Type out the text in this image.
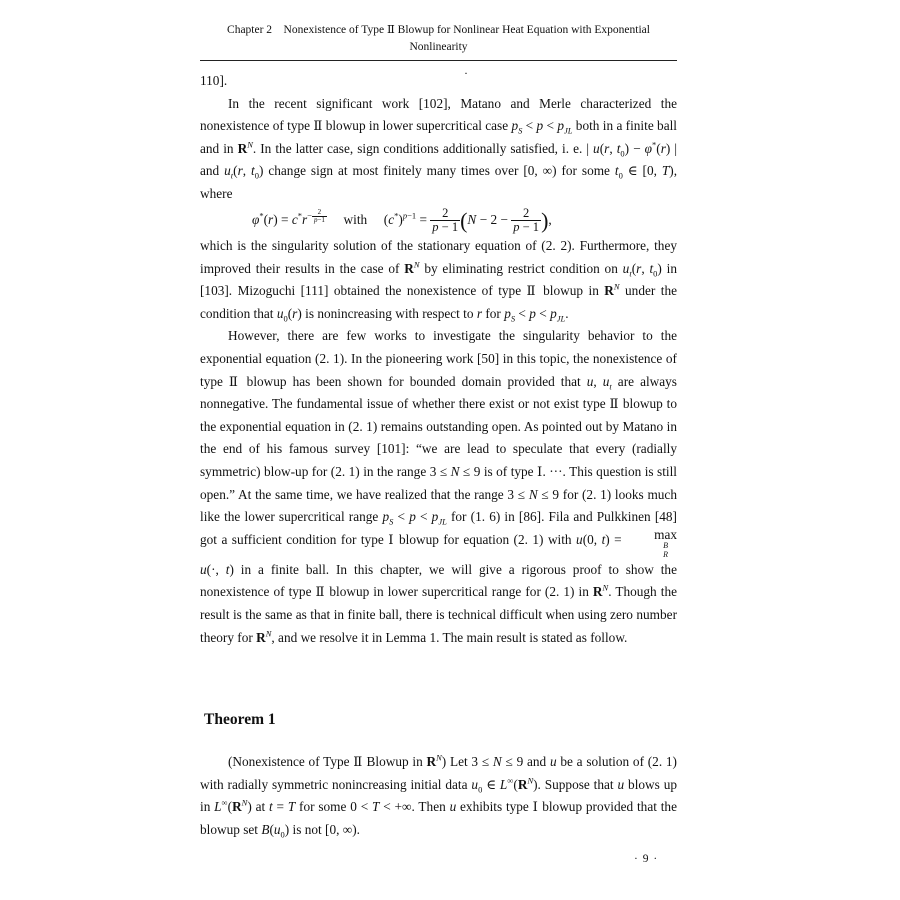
Chapter 2    Nonexistence of Type Ⅱ Blowup for Nonlinear Heat Equation with Exponential
Nonlinearity
·

110].

In the recent significant work [102], Matano and Merle characterized the nonexistence of type Ⅱ blowup in lower supercritical case $p_S < p < p_{JL}$ both in a finite ball and in $R^N$. In the latter case, sign conditions additionally satisfied, i. e. | u(r, $t_0) - \varphi^*(r)$ | and $u_t(r$, $t_0$) change sign at most finitely many times over [0, ∞) for some $t_0$ ∈ [0, T), where

$\varphi^*(r) = c^*r^{- \frac{2}{p-1}}$ with     $(c^*)^{p-1} = \frac{2}{p - 1} (N - 2 - \frac{2}{p - 1}$ ),

which is the singularity solution of the stationary equation of (2. 2). Furthermore, they improved their results in the case of $R^N$ by eliminating restrict condition on $u_t(r$, $t_0$) in [103]. Mizoguchi [111] obtained the nonexistence of type Ⅱ blowup in $R^N$ under the condition that $u_0(r)$ is nonincreasing with respect to r for $p_S < p < p_{JL}$.

However, there are few works to investigate the singularity behavior to the exponential equation (2. 1). In the pioneering work [50] in this topic, the nonexistence of type Ⅱ blowup has been shown for bounded domain provided that u, $u_t$ are always nonnegative. The fundamental issue of whether there exist or not exist type Ⅱ blowup to the exponential equation in (2. 1) remains outstanding open. As pointed out by Matano in the end of his famous survey [101]: “we are lead to speculate that every (radially symmetric) blow-up for (2. 1) in the range 3 ≤ N ≤ 9 is of type Ⅰ. ···. This question is still open.” At the same time, we have realized that the range 3 ≤ N ≤ 9 for (2. 1) looks much like the lower supercritical range $p_S < p < p_{JL}$ for (1. 6) in [86]. Fila and Pulkkinen [48] got a sufficient condition for type Ⅰ blowup for equation (2. 1) with u(0, t) = max
B
R
u(·, t) in a finite ball. In this chapter, we will give a rigorous proof to show the nonexistence of type Ⅱ blowup in lower supercritical range for (2. 1) in $R^N$. Though the result is the same as that in finite ball, there is technical difficult when using zero number theory for $R^N$, and we resolve it in Lemma 1. The main result is stated as follow.

Theorem 1

(Nonexistence of Type Ⅱ Blowup in $R^N$) Let 3 ≤ N ≤ 9 and u be a solution of (2. 1) with radially symmetric nonincreasing initial data $u_0$ ∈ $L^\infty(R^N)$. Suppose that u blows up in $L^\infty(R^N)$ at t = T for some 0 < T < +∞. Then u exhibits type Ⅰ blowup provided that the blowup set $B(u_0)$ is not [0, ∞).

· 9 ·
